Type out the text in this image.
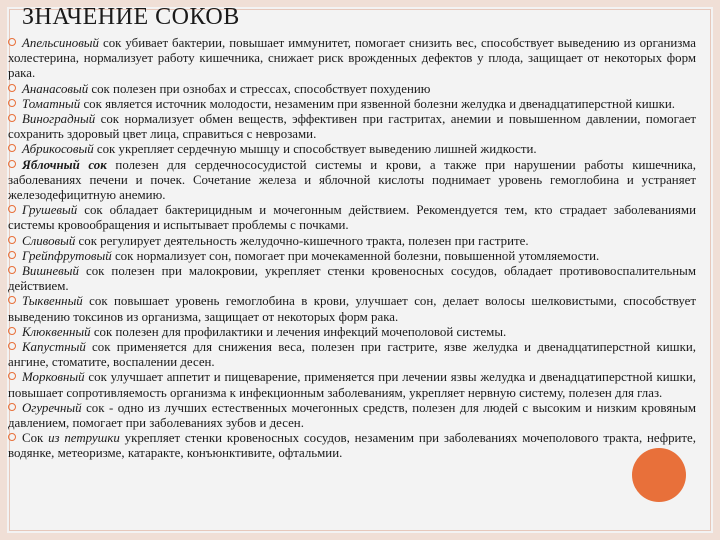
ЗНАЧЕНИЕ СОКОВ

Апельсиновый сок убивает бактерии, повышает иммунитет, помогает снизить вес, способствует выведению из организма холестерина, нормализует работу кишечника, снижает риск врожденных дефектов у плода, защищает от некоторых форм рака.

Ананасовый сок полезен при ознобах и стрессах, способствует похудению

Томатный сок является источник молодости, незаменим при язвенной болезни желудка и двенадцатиперстной кишки.

Виноградный сок нормализует обмен веществ, эффективен при гастритах, анемии и повышенном давлении, помогает сохранить здоровый цвет лица, справиться с неврозами.

Абрикосовый сок укрепляет сердечную мышцу и способствует выведению лишней жидкости.

Яблочный сок полезен для сердечнососудистой системы и крови, а также при нарушении работы кишечника, заболеваниях печени и почек. Сочетание железа и яблочной кислоты поднимает уровень гемоглобина и устраняет железодефицитную анемию.

Грушевый сок обладает бактерицидным и мочегонным действием. Рекомендуется тем, кто страдает заболеваниями системы кровообращения и испытывает проблемы с почками.

Сливовый сок регулирует деятельность желудочно-кишечного тракта, полезен при гастрите.

Грейпфрутовый сок нормализует сон, помогает при мочекаменной болезни, повышенной утомляемости.

Вишневый сок полезен при малокровии, укрепляет стенки кровеносных сосудов, обладает противовоспалительным действием.

Тыквенный сок повышает уровень гемоглобина в крови, улучшает сон, делает волосы шелковистыми, способствует выведению токсинов из организма, защищает от некоторых форм рака.

Клюквенный сок полезен для профилактики и лечения инфекций мочеполовой системы.

Капустный сок применяется для снижения веса, полезен при гастрите, язве желудка и двенадцатиперстной кишки, ангине, стоматите, воспалении десен.

Морковный сок улучшает аппетит и пищеварение, применяется при лечении язвы желудка и двенадцатиперстной кишки, повышает сопротивляемость организма к инфекционным заболеваниям, укрепляет нервную систему, полезен для глаз.

Огуречный сок - одно из лучших естественных мочегонных средств, полезен для людей с высоким и низким кровяным давлением, помогает при заболеваниях зубов и десен.

Сок из петрушки укрепляет стенки кровеносных сосудов, незаменим при заболеваниях мочеполового тракта, нефрите, водянке, метеоризме, катаракте, конъюнктивите, офтальмии.
